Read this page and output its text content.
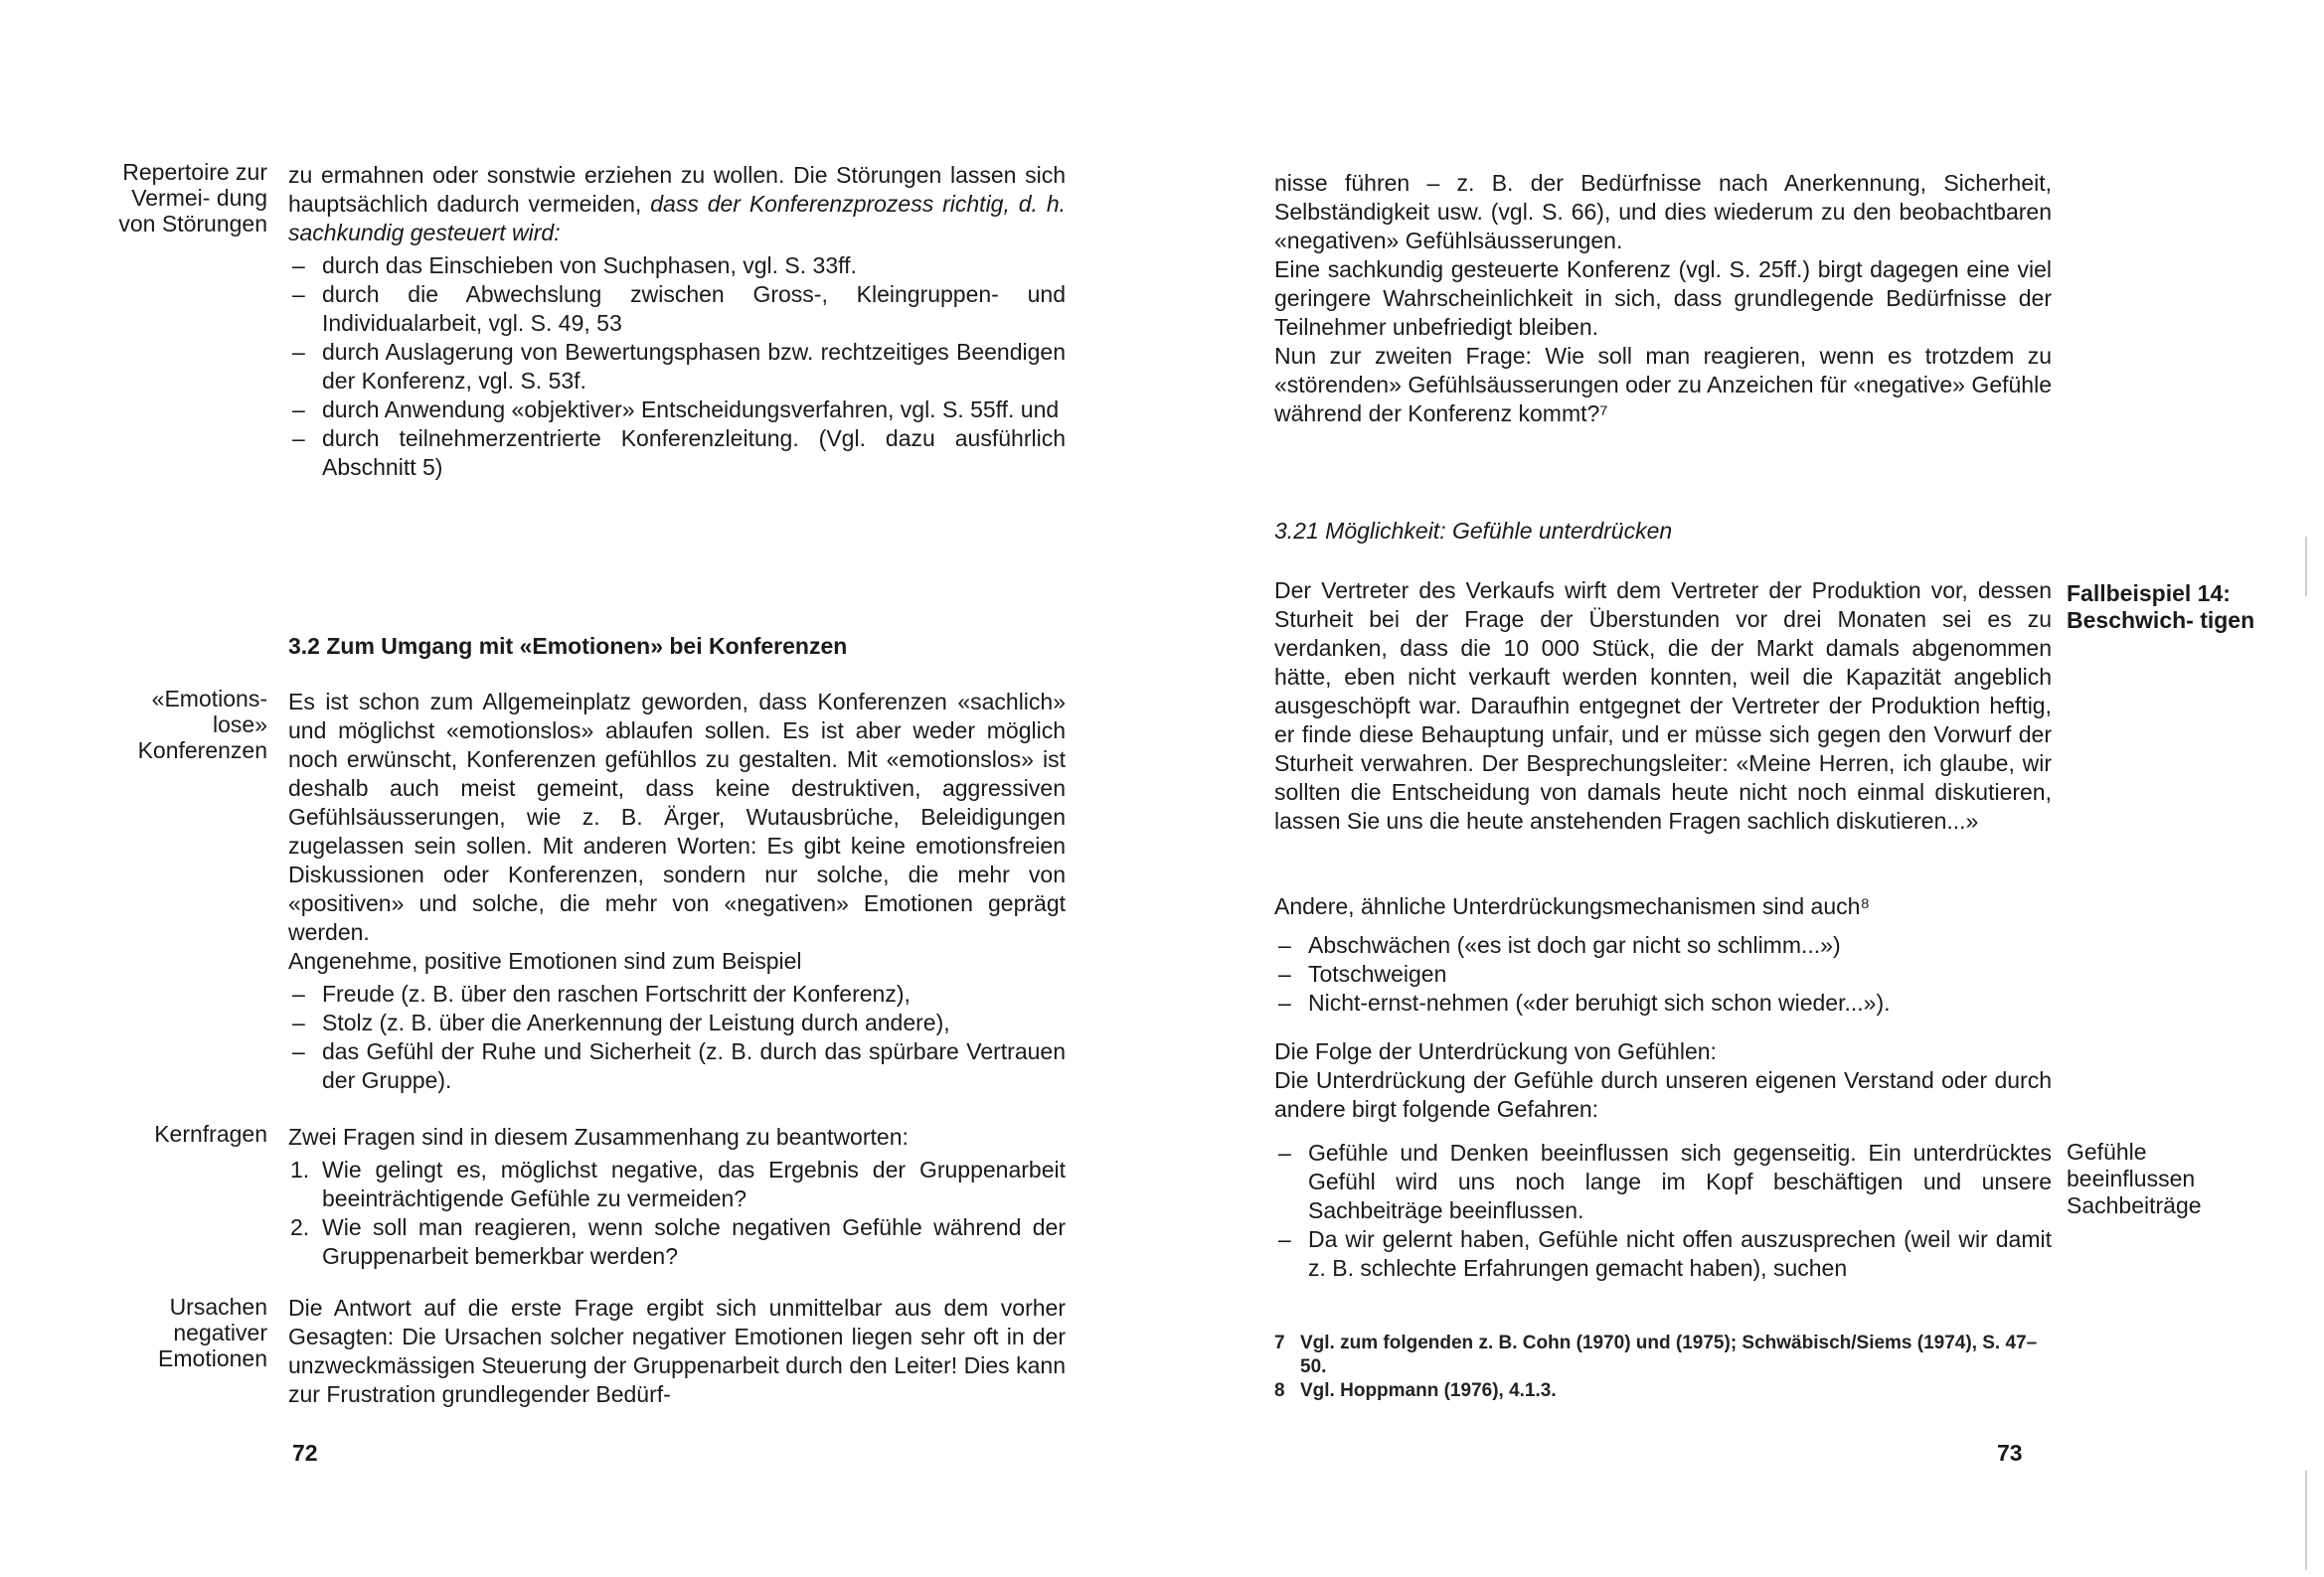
Repertoire zur Vermei- dung von Störungen

zu ermahnen oder sonstwie erziehen zu wollen. Die Störungen lassen sich hauptsächlich dadurch vermeiden, dass der Konferenzprozess richtig, d. h. sachkundig gesteuert wird:

– durch das Einschieben von Suchphasen, vgl. S. 33ff.
– durch die Abwechslung zwischen Gross-, Kleingruppen- und Individualarbeit, vgl. S. 49, 53
– durch Auslagerung von Bewertungsphasen bzw. rechtzeitiges Beendigen der Konferenz, vgl. S. 53f.
– durch Anwendung «objektiver» Entscheidungsverfahren, vgl. S. 55ff. und
– durch teilnehmerzentrierte Konferenzleitung. (Vgl. dazu ausführlich Abschnitt 5)
3.2 Zum Umgang mit «Emotionen» bei Konferenzen
«Emotions- lose» Konferenzen

Es ist schon zum Allgemeinplatz geworden, dass Konferenzen «sachlich» und möglichst «emotionslos» ablaufen sollen. Es ist aber weder möglich noch erwünscht, Konferenzen gefühllos zu gestalten. Mit «emotionslos» ist deshalb auch meist gemeint, dass keine destruktiven, aggressiven Gefühlsäusserungen, wie z. B. Ärger, Wutausbrüche, Beleidigungen zugelassen sein sollen. Mit anderen Worten: Es gibt keine emotionsfreien Diskussionen oder Konferenzen, sondern nur solche, die mehr von «positiven» und solche, die mehr von «negativen» Emotionen geprägt werden.

Angenehme, positive Emotionen sind zum Beispiel

– Freude (z. B. über den raschen Fortschritt der Konferenz),
– Stolz (z. B. über die Anerkennung der Leistung durch andere),
– das Gefühl der Ruhe und Sicherheit (z. B. durch das spürbare Vertrauen der Gruppe).
Kernfragen Zwei Fragen sind in diesem Zusammenhang zu beantworten:

1. Wie gelingt es, möglichst negative, das Ergebnis der Gruppenarbeit beeinträchtigende Gefühle zu vermeiden?
2. Wie soll man reagieren, wenn solche negativen Gefühle während der Gruppenarbeit bemerkbar werden?
Ursachen negativer Emotionen

Die Antwort auf die erste Frage ergibt sich unmittelbar aus dem vorher Gesagten: Die Ursachen solcher negativer Emotionen liegen sehr oft in der unzweckmässigen Steuerung der Gruppenarbeit durch den Leiter! Dies kann zur Frustration grundlegender Bedürf-

72

nisse führen – z. B. der Bedürfnisse nach Anerkennung, Sicherheit, Selbständigkeit usw. (vgl. S. 66), und dies wiederum zu den beobachtbaren «negativen» Gefühlsäusserungen.

Eine sachkundig gesteuerte Konferenz (vgl. S. 25ff.) birgt dagegen eine viel geringere Wahrscheinlichkeit in sich, dass grundlegende Bedürfnisse der Teilnehmer unbefriedigt bleiben.

Nun zur zweiten Frage: Wie soll man reagieren, wenn es trotzdem zu «störenden» Gefühlsäusserungen oder zu Anzeichen für «negative» Gefühle während der Konferenz kommt?⁷

3.21 Möglichkeit: Gefühle unterdrücken
Fallbeispiel 14: Beschwich- tigen

Der Vertreter des Verkaufs wirft dem Vertreter der Produktion vor, dessen Sturheit bei der Frage der Überstunden vor drei Monaten sei es zu verdanken, dass die 10 000 Stück, die der Markt damals abgenommen hätte, eben nicht verkauft werden konnten, weil die Kapazität angeblich ausgeschöpft war. Daraufhin entgegnet der Vertreter der Produktion heftig, er finde diese Behauptung unfair, und er müsse sich gegen den Vorwurf der Sturheit verwahren. Der Besprechungsleiter: «Meine Herren, ich glaube, wir sollten die Entscheidung von damals heute nicht noch einmal diskutieren, lassen Sie uns die heute anstehenden Fragen sachlich diskutieren...»

Andere, ähnliche Unterdrückungsmechanismen sind auch⁸

– Abschwächen («es ist doch gar nicht so schlimm...»)
– Totschweigen
– Nicht-ernst-nehmen («der beruhigt sich schon wieder...»).

Die Folge der Unterdrückung von Gefühlen:

Die Unterdrückung der Gefühle durch unseren eigenen Verstand oder durch andere birgt folgende Gefahren:

Gefühle beeinflussen Sachbeiträge
– Gefühle und Denken beeinflussen sich gegenseitig. Ein unterdrücktes Gefühl wird uns noch lange im Kopf beschäftigen und unsere Sachbeiträge beeinflussen.
– Da wir gelernt haben, Gefühle nicht offen auszusprechen (weil wir damit z. B. schlechte Erfahrungen gemacht haben), suchen
7 Vgl. zum folgenden z. B. Cohn (1970) und (1975); Schwäbisch/Siems (1974), S. 47–50.
8 Vgl. Hoppmann (1976), 4.1.3.
73
